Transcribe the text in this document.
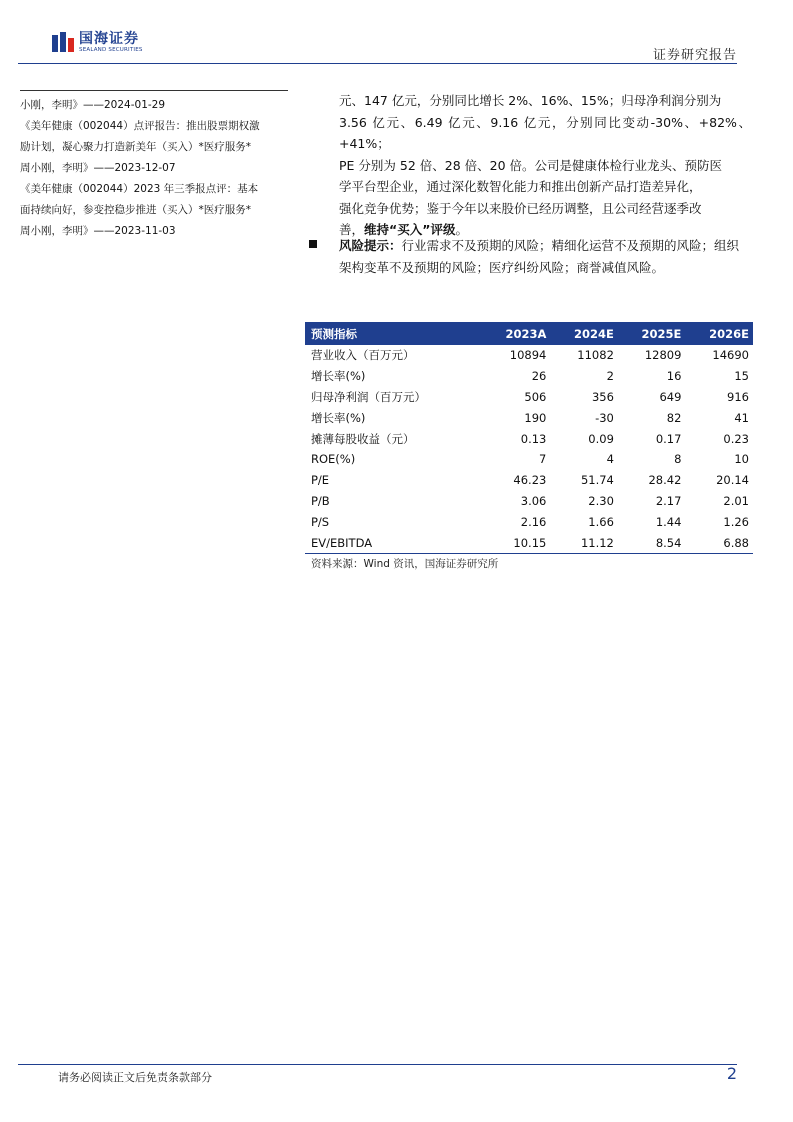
国海证券
SEALAND SECURITIES	证券研究报告

小刚，李明》——2024-01-29

《美年健康（002044）点评报告：推出股票期权激

励计划，凝心聚力打造新美年（买入）*医疗服务*

周小刚，李明》——2023-12-07

《美年健康（002044）2023 年三季报点评：基本

面持续向好，参变控稳步推进（买入）*医疗服务*

周小刚，李明》——2023-11-03

元、147 亿元，分别同比增长 2%、16%、15%；归母净利润分别为

3.56 亿元、6.49 亿元、9.16 亿元，分别同比变动-30%、+82%、+41%；

PE 分别为 52 倍、28 倍、20 倍。公司是健康体检行业龙头、预防医

学平台型企业，通过深化数智化能力和推出创新产品打造差异化，

强化竞争优势；鉴于今年以来股价已经历调整，且公司经营逐季改

善，维持“买入”评级。

风险提示：行业需求不及预期的风险；精细化运营不及预期的风险；组织架构变革不及预期的风险；医疗纠纷风险；商誉减值风险。
预测指标	2023A	2024E	2025E	2026E
营业收入（百万元）	10894	11082	12809	14690
增长率(%)	26	2	16	15
归母净利润（百万元）	506	356	649	916
增长率(%)	190	-30	82	41
摊薄每股收益（元）	0.13	0.09	0.17	0.23
ROE(%)	7	4	8	10
P/E	46.23	51.74	28.42	20.14
P/B	3.06	2.30	2.17	2.01
P/S	2.16	1.66	1.44	1.26
EV/EBITDA	10.15	11.12	8.54	6.88
资料来源：Wind 资讯，国海证券研究所
请务必阅读正文后免责条款部分	2
